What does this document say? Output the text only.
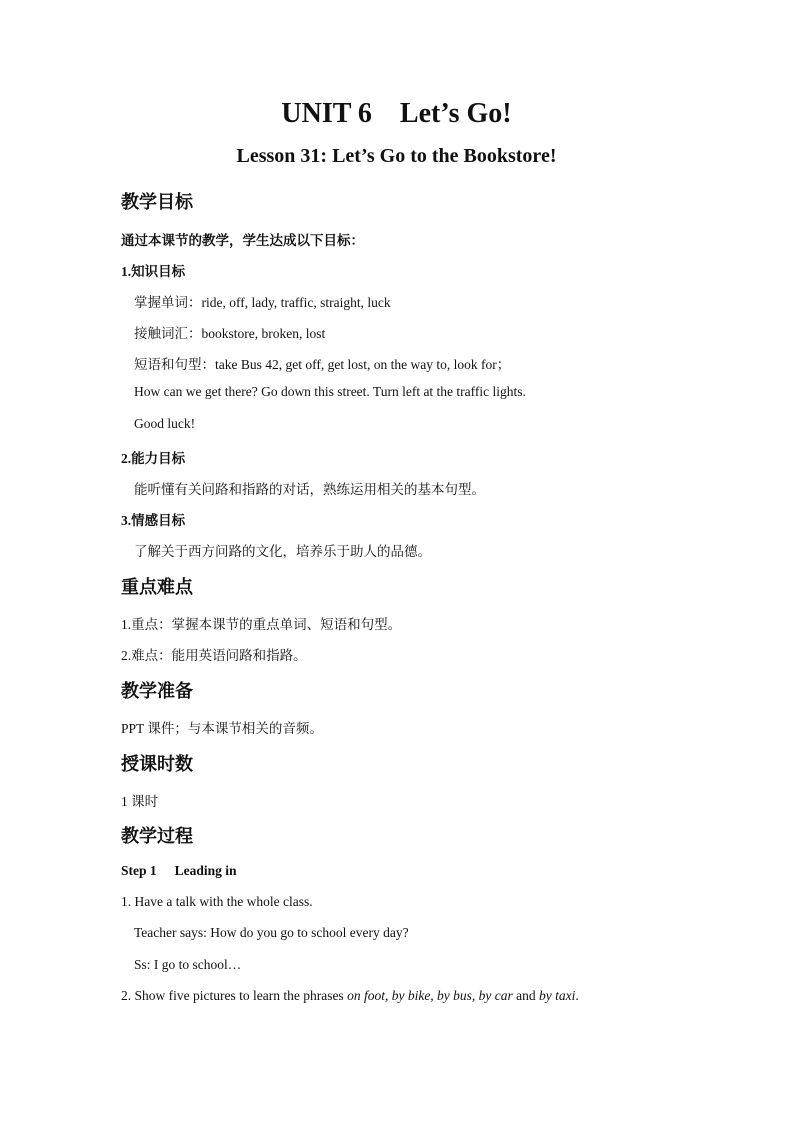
UNIT 6 Let’s Go!
Lesson 31: Let’s Go to the Bookstore!
教学目标
通过本课节的教学，学生达成以下目标：
1.知识目标
掌握单词：ride, off, lady, traffic, straight, luck
接触词汇：bookstore, broken, lost
短语和句型：take Bus 42, get off, get lost, on the way to, look for；
How can we get there? Go down this street. Turn left at the traffic lights.
Good luck!
2.能力目标
能听懂有关问路和指路的对话，熟练运用相关的基本句型。
3.情感目标
了解关于西方问路的文化，培养乐于助人的品德。
重点难点
1.重点：掌握本课节的重点单词、短语和句型。
2.难点：能用英语问路和指路。
教学准备
PPT 课件；与本课节相关的音频。
授课时数
1 课时
教学过程
Step 1 Leading in
1. Have a talk with the whole class.
Teacher says: How do you go to school every day?
Ss: I go to school…
2. Show five pictures to learn the phrases on foot, by bike, by bus, by car and by taxi.
